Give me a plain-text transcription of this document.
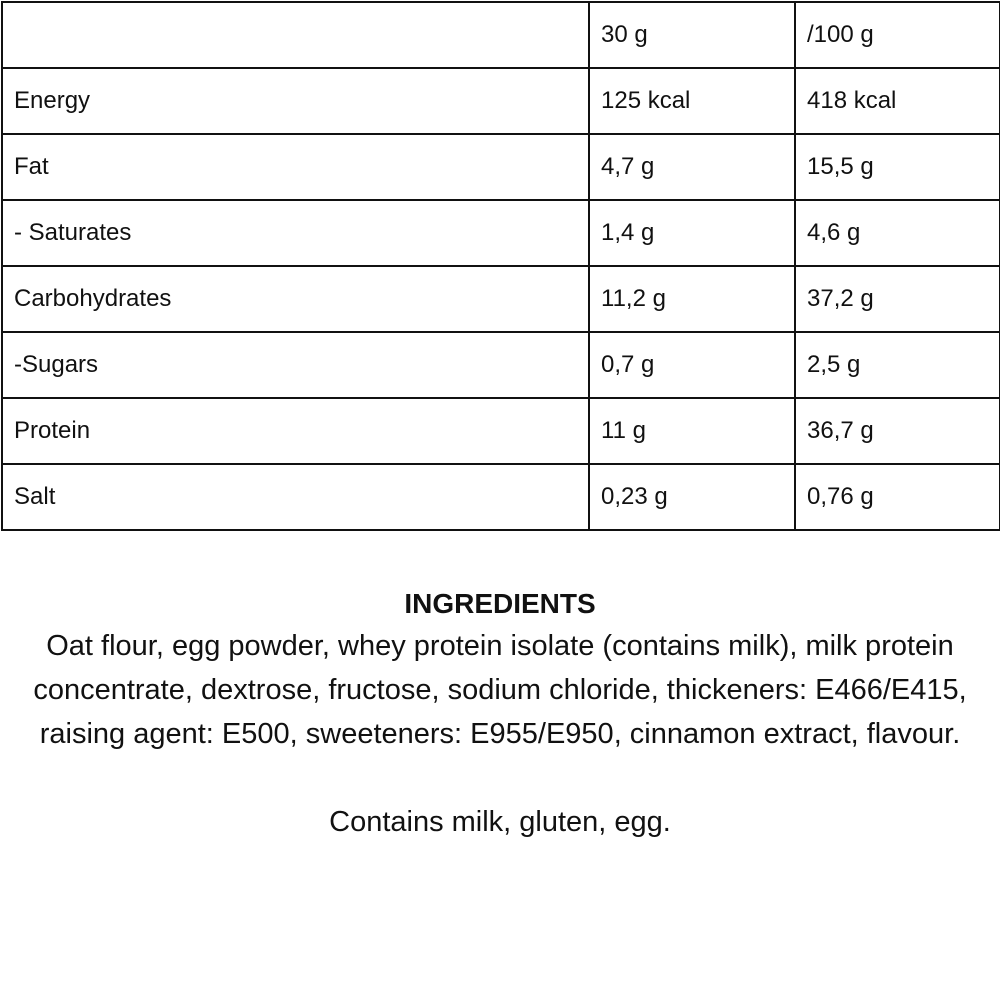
	30 g	/100 g
Energy	125 kcal	418 kcal
Fat	4,7 g	15,5 g
- Saturates	1,4 g	4,6 g
Carbohydrates	11,2 g	37,2 g
-Sugars	0,7 g	2,5 g
Protein	11 g	36,7 g
Salt	0,23 g	0,76 g
INGREDIENTS

Oat flour, egg powder, whey protein isolate (contains milk), milk protein concentrate, dextrose, fructose, sodium chloride, thickeners: E466/E415, raising agent: E500, sweeteners: E955/E950, cinnamon extract, flavour.

Contains milk, gluten, egg.
